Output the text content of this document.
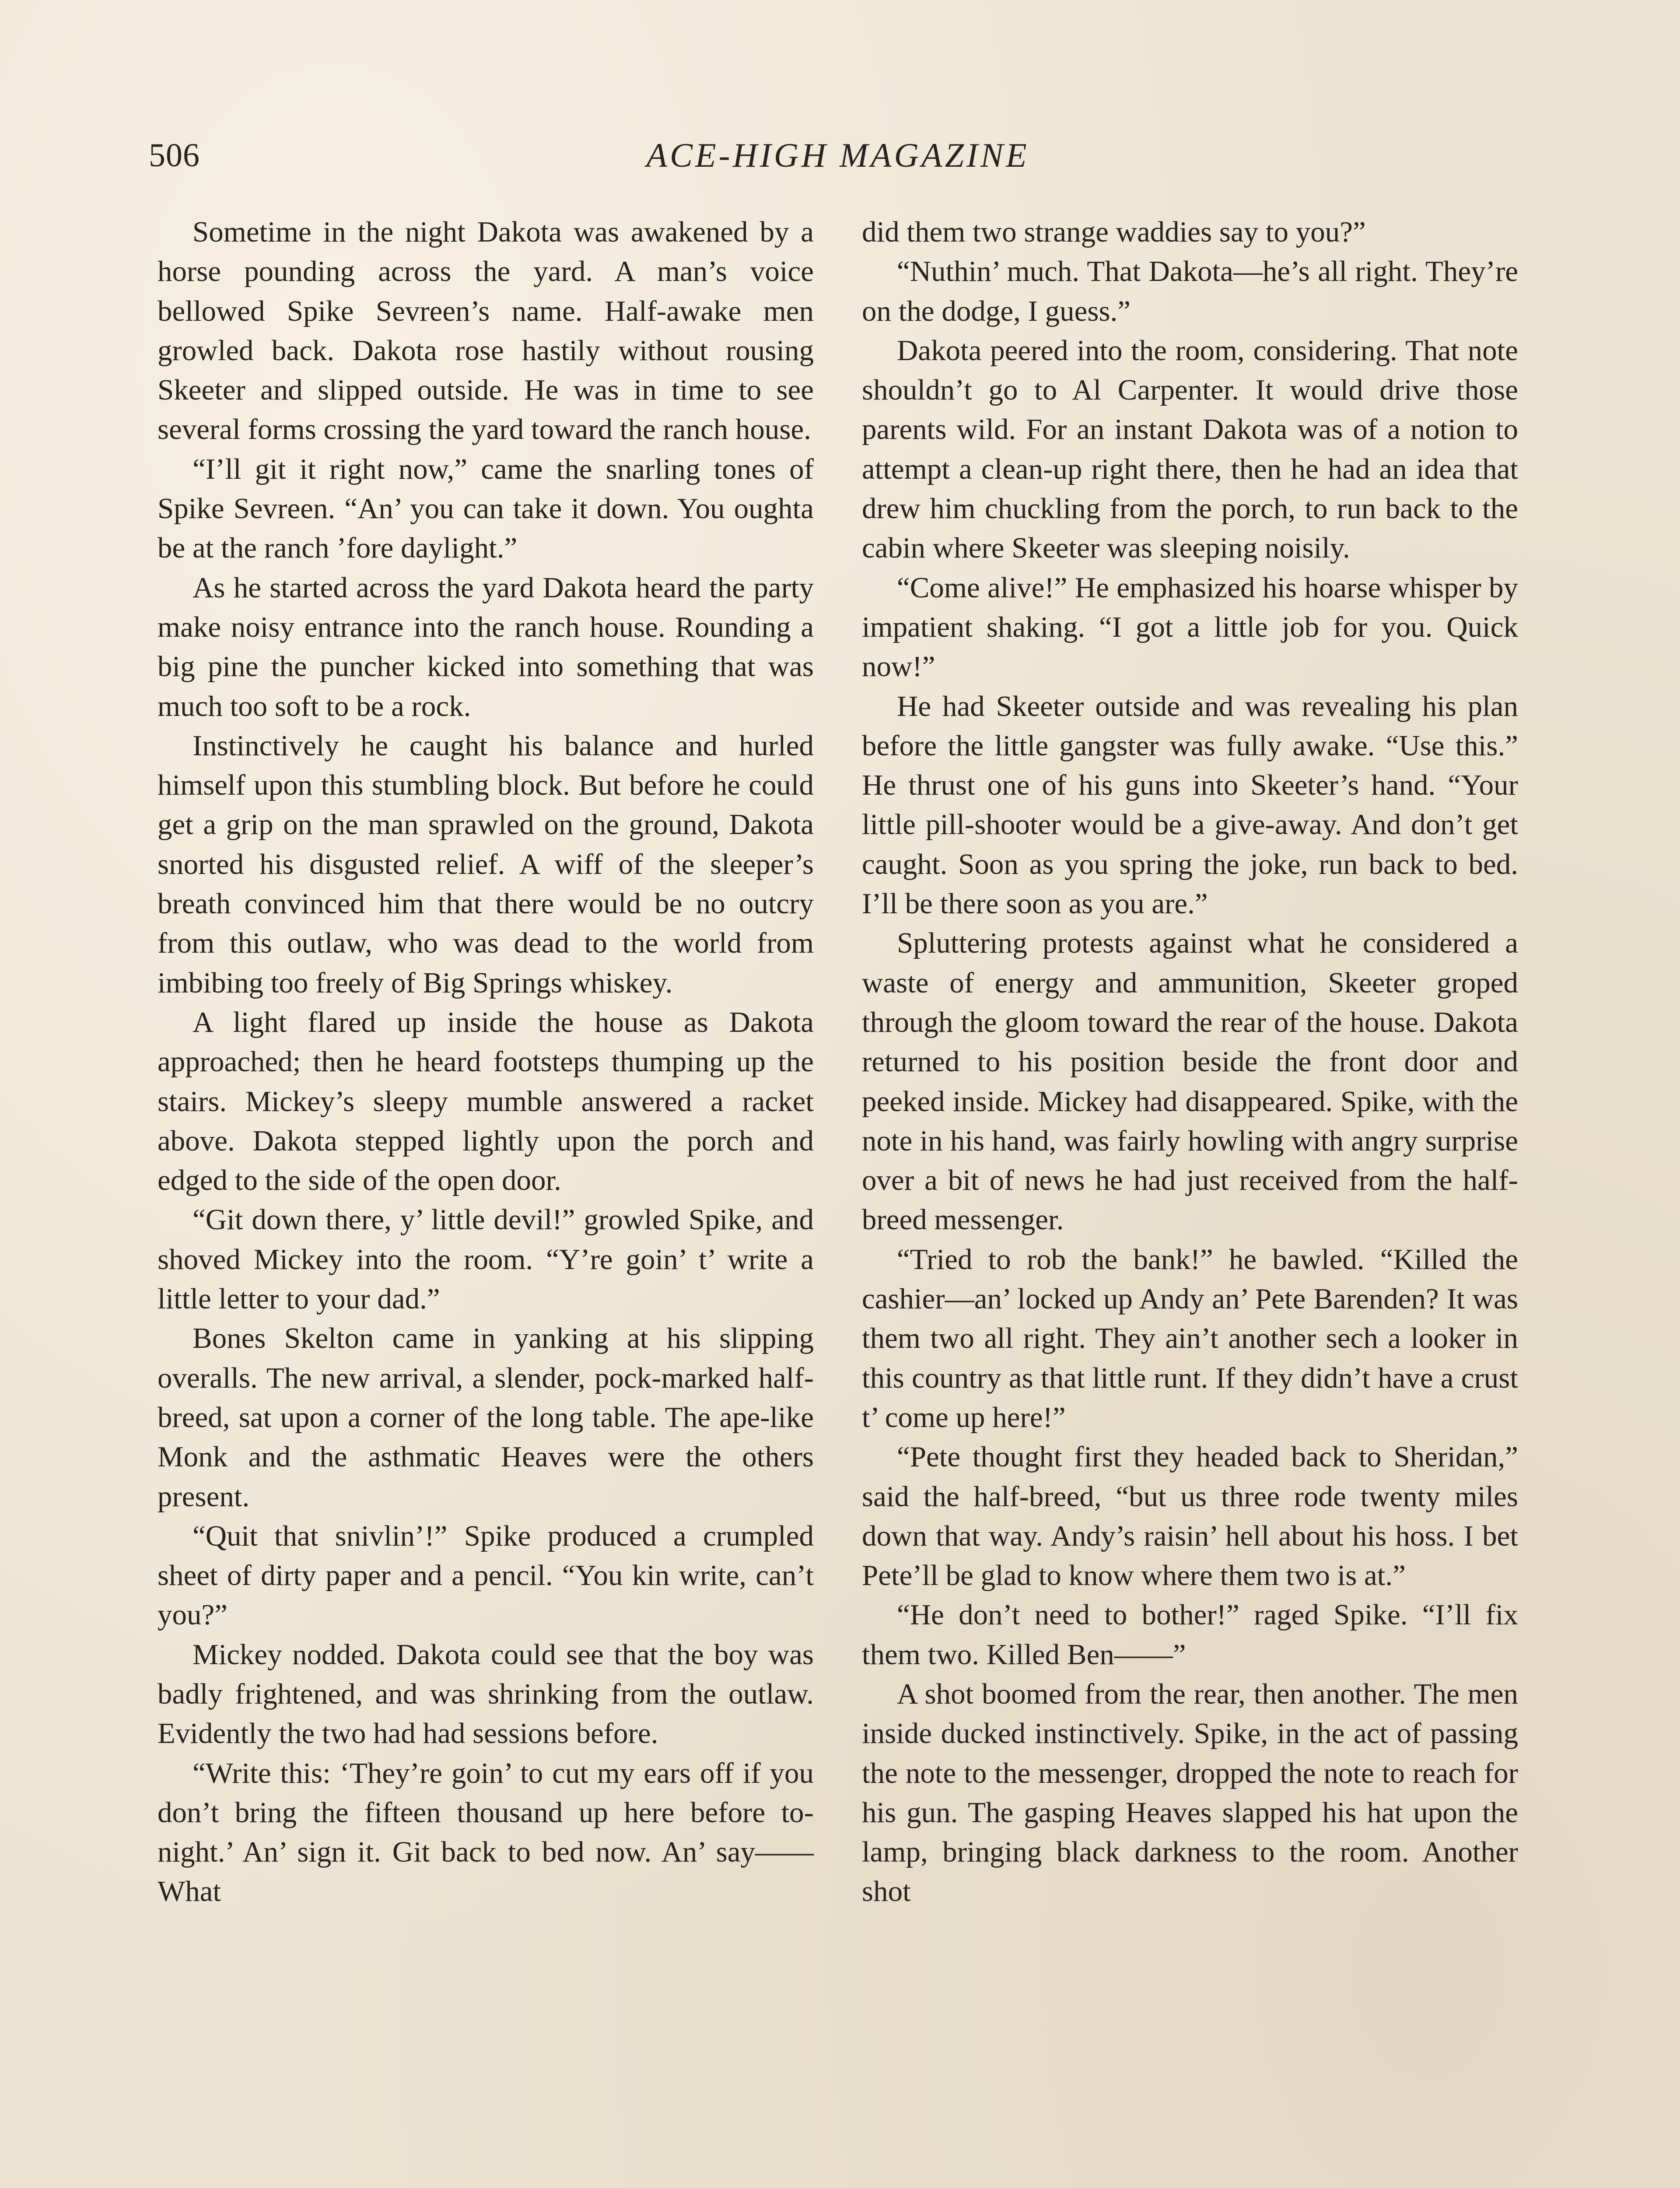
506	ACE-HIGH MAGAZINE

Sometime in the night Dakota was awakened by a horse pounding across the yard. A man’s voice bellowed Spike Sevreen’s name. Half-awake men growled back. Dakota rose hastily without rousing Skeeter and slipped outside. He was in time to see several forms crossing the yard toward the ranch house.

“I’ll git it right now,” came the snarling tones of Spike Sevreen. “An’ you can take it down. You oughta be at the ranch ’fore daylight.”

As he started across the yard Dakota heard the party make noisy entrance into the ranch house. Rounding a big pine the puncher kicked into something that was much too soft to be a rock.

Instinctively he caught his balance and hurled himself upon this stumbling block. But before he could get a grip on the man sprawled on the ground, Dakota snorted his disgusted relief. A wiff of the sleeper’s breath convinced him that there would be no outcry from this outlaw, who was dead to the world from imbibing too freely of Big Springs whiskey.

A light flared up inside the house as Dakota approached; then he heard footsteps thumping up the stairs. Mickey’s sleepy mumble answered a racket above. Dakota stepped lightly upon the porch and edged to the side of the open door.

“Git down there, y’ little devil!” growled Spike, and shoved Mickey into the room. “Y’re goin’ t’ write a little letter to your dad.”

Bones Skelton came in yanking at his slipping overalls. The new arrival, a slender, pock-marked half-breed, sat upon a corner of the long table. The ape-like Monk and the asthmatic Heaves were the others present.

“Quit that snivlin’!” Spike produced a crumpled sheet of dirty paper and a pencil. “You kin write, can’t you?”

Mickey nodded. Dakota could see that the boy was badly frightened, and was shrinking from the outlaw. Evidently the two had had sessions before.

“Write this: ‘They’re goin’ to cut my ears off if you don’t bring the fifteen thousand up here before to-night.’ An’ sign it. Git back to bed now. An’ say—— What

did them two strange waddies say to you?”

“Nuthin’ much. That Dakota—he’s all right. They’re on the dodge, I guess.”

Dakota peered into the room, considering. That note shouldn’t go to Al Carpenter. It would drive those parents wild. For an instant Dakota was of a notion to attempt a clean-up right there, then he had an idea that drew him chuckling from the porch, to run back to the cabin where Skeeter was sleeping noisily.

“Come alive!” He emphasized his hoarse whisper by impatient shaking. “I got a little job for you. Quick now!”

He had Skeeter outside and was revealing his plan before the little gangster was fully awake. “Use this.” He thrust one of his guns into Skeeter’s hand. “Your little pill-shooter would be a give-away. And don’t get caught. Soon as you spring the joke, run back to bed. I’ll be there soon as you are.”

Spluttering protests against what he considered a waste of energy and ammunition, Skeeter groped through the gloom toward the rear of the house. Dakota returned to his position beside the front door and peeked inside. Mickey had disappeared. Spike, with the note in his hand, was fairly howling with angry surprise over a bit of news he had just received from the half-breed messenger.

“Tried to rob the bank!” he bawled. “Killed the cashier—an’ locked up Andy an’ Pete Barenden? It was them two all right. They ain’t another sech a looker in this country as that little runt. If they didn’t have a crust t’ come up here!”

“Pete thought first they headed back to Sheridan,” said the half-breed, “but us three rode twenty miles down that way. Andy’s raisin’ hell about his hoss. I bet Pete’ll be glad to know where them two is at.”

“He don’t need to bother!” raged Spike. “I’ll fix them two. Killed Ben——”

A shot boomed from the rear, then another. The men inside ducked instinctively. Spike, in the act of passing the note to the messenger, dropped the note to reach for his gun. The gasping Heaves slapped his hat upon the lamp, bringing black darkness to the room. Another shot
